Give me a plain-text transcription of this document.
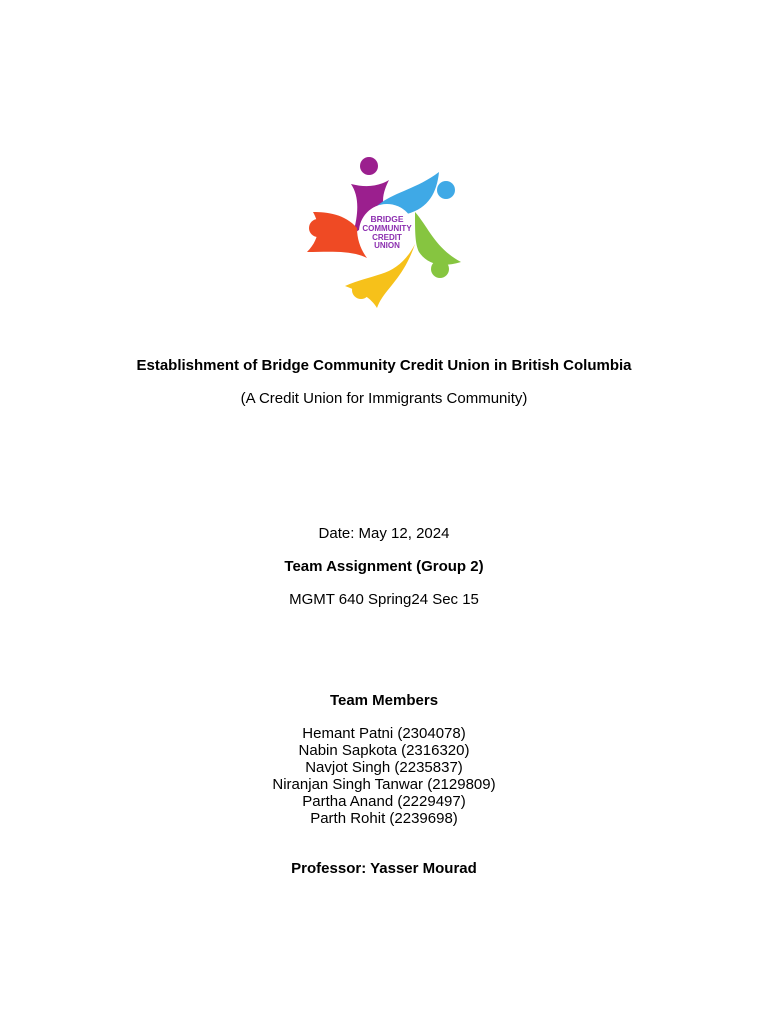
BRIDGE
COMMUNITY
CREDIT
UNION
Establishment of Bridge Community Credit Union in British Columbia
(A Credit Union for Immigrants Community)
Date: May 12, 2024
Team Assignment (Group 2)
MGMT 640 Spring24 Sec 15
Team Members
Hemant Patni (2304078)
Nabin Sapkota (2316320)
Navjot Singh (2235837)
Niranjan Singh Tanwar (2129809)
Partha Anand (2229497)
Parth Rohit (2239698)
Professor: Yasser Mourad
